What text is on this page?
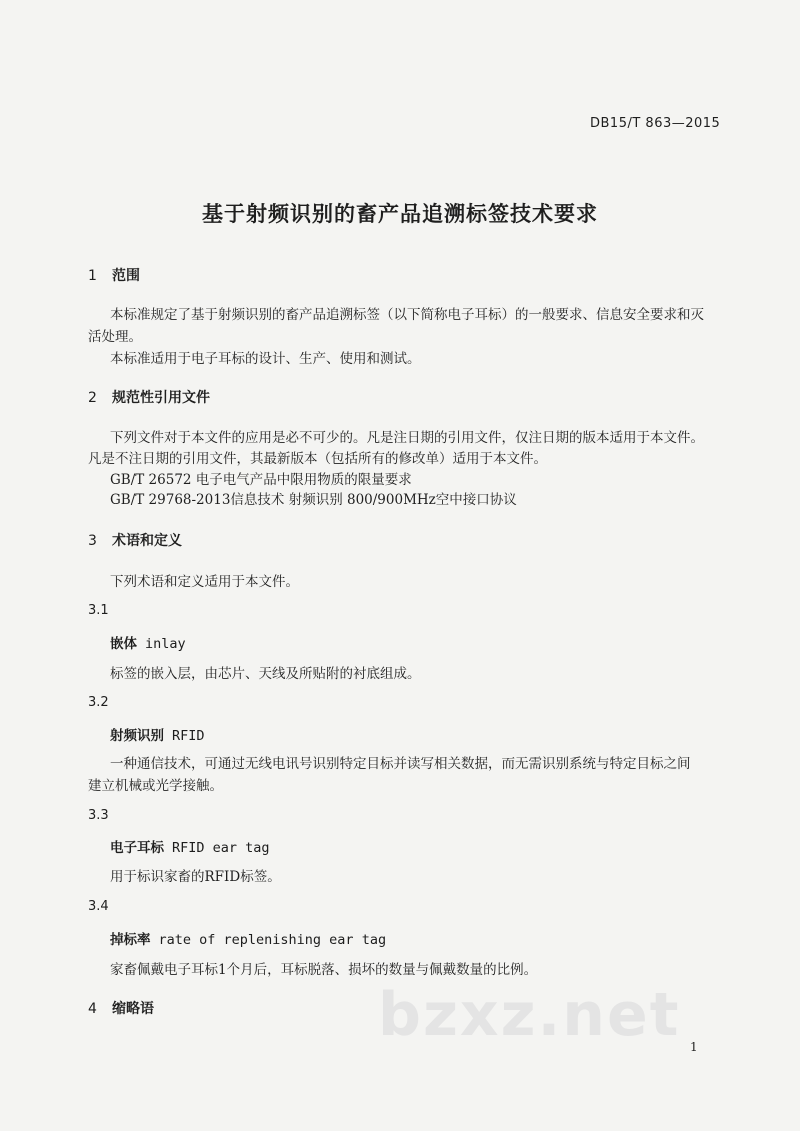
DB15/T 863—2015
基于射频识别的畜产品追溯标签技术要求
1 范围
本标准规定了基于射频识别的畜产品追溯标签（以下简称电子耳标）的一般要求、信息安全要求和灭
活处理。
本标准适用于电子耳标的设计、生产、使用和测试。
2 规范性引用文件
下列文件对于本文件的应用是必不可少的。凡是注日期的引用文件，仅注日期的版本适用于本文件。
凡是不注日期的引用文件，其最新版本（包括所有的修改单）适用于本文件。
GB/T 26572 电子电气产品中限用物质的限量要求
GB/T 29768-2013信息技术 射频识别 800/900MHz空中接口协议
3 术语和定义
下列术语和定义适用于本文件。
3.1
嵌体 inlay
标签的嵌入层，由芯片、天线及所贴附的衬底组成。
3.2
射频识别 RFID
一种通信技术，可通过无线电讯号识别特定目标并读写相关数据，而无需识别系统与特定目标之间
建立机械或光学接触。
3.3
电子耳标 RFID ear tag
用于标识家畜的RFID标签。
3.4
掉标率 rate of replenishing ear tag
家畜佩戴电子耳标1个月后，耳标脱落、损坏的数量与佩戴数量的比例。
4 缩略语	bzxz.net 1
